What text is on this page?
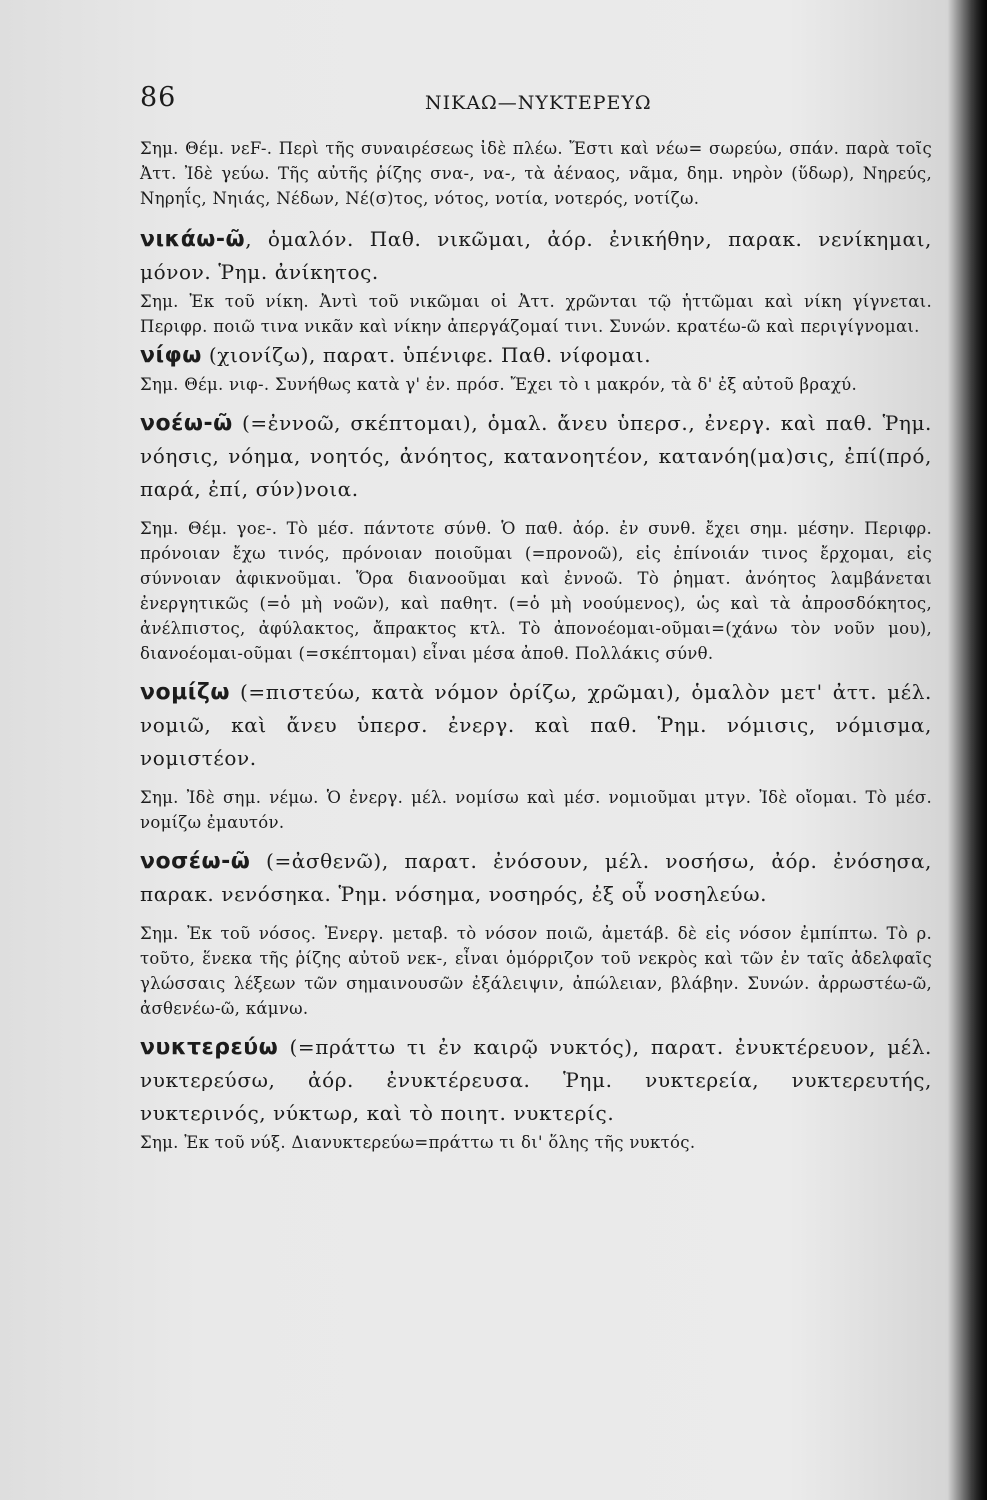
86	ΝΙΚΑΩ—ΝΥΚΤΕΡΕΥΩ

Σημ. Θέμ. νεF-. Περὶ τῆς συναιρέσεως ἰδὲ πλέω. Ἔστι καὶ νέω= σωρεύω, σπάν. παρὰ τοῖς Ἀττ. Ἰδὲ γεύω. Τῆς αὐτῆς ῥίζης σνα-, να-, τὰ ἀέναος, νᾶμα, δημ. νηρὸν (ὕδωρ), Νηρεύς, Νηρηΐς, Νηιάς, Νέδων, Νέ(σ)τος, νότος, νοτία, νοτερός, νοτίζω.

νικάω-ῶ, ὁμαλόν. Παθ. νικῶμαι, ἀόρ. ἐνικήθην, παρακ. νενίκημαι, μόνον. Ῥημ. ἀνίκητος.

Σημ. Ἐκ τοῦ νίκη. Ἀντὶ τοῦ νικῶμαι οἱ Ἀττ. χρῶνται τῷ ἡττῶμαι καὶ νίκη γίγνεται. Περιφρ. ποιῶ τινα νικᾶν καὶ νίκην ἀπεργάζομαί τινι. Συνών. κρατέω-ῶ καὶ περιγίγνομαι.

νίφω (χιονίζω), παρατ. ὑπένιφε. Παθ. νίφομαι.

Σημ. Θέμ. νιφ-. Συνήθως κατὰ γ' ἑν. πρόσ. Ἔχει τὸ ι μακρόν, τὰ δ' ἐξ αὐτοῦ βραχύ.

νοέω-ῶ (=ἐννοῶ, σκέπτομαι), ὁμαλ. ἄνευ ὑπερσ., ἐνεργ. καὶ παθ. Ῥημ. νόησις, νόημα, νοητός, ἀνόητος, κατανοητέον, κατανόη(μα)σις, ἐπί(πρό, παρά, ἐπί, σύν)νοια.

Σημ. Θέμ. γοε-. Τὸ μέσ. πάντοτε σύνθ. Ὁ παθ. ἀόρ. ἐν συνθ. ἔχει σημ. μέσην. Περιφρ. πρόνοιαν ἔχω τινός, πρόνοιαν ποιοῦμαι (=προνοῶ), εἰς ἐπίνοιάν τινος ἔρχομαι, εἰς σύννοιαν ἀφικνοῦμαι. Ὅρα διανοοῦμαι καὶ ἐννοῶ. Τὸ ῥηματ. ἀνόητος λαμβάνεται ἐνεργητικῶς (=ὁ μὴ νοῶν), καὶ παθητ. (=ὁ μὴ νοούμενος), ὡς καὶ τὰ ἀπροσδόκητος, ἀνέλπιστος, ἀφύλακτος, ἄπρακτος κτλ. Τὸ ἀπονοέομαι-οῦμαι=(χάνω τὸν νοῦν μου), διανοέομαι-οῦμαι (=σκέπτομαι) εἶναι μέσα ἀποθ. Πολλάκις σύνθ.

νομίζω (=πιστεύω, κατὰ νόμον ὁρίζω, χρῶμαι), ὁμαλὸν μετ' ἀττ. μέλ. νομιῶ, καὶ ἄνευ ὑπερσ. ἐνεργ. καὶ παθ. Ῥημ. νόμισις, νόμισμα, νομιστέον.

Σημ. Ἰδὲ σημ. νέμω. Ὁ ἐνεργ. μέλ. νομίσω καὶ μέσ. νομιοῦμαι μτγν. Ἰδὲ οἴομαι. Τὸ μέσ. νομίζω ἐμαυτόν.

νοσέω-ῶ (=ἀσθενῶ), παρατ. ἐνόσουν, μέλ. νοσήσω, ἀόρ. ἐνόσησα, παρακ. νενόσηκα. Ῥημ. νόσημα, νοσηρός, ἐξ οὗ νοσηλεύω.

Σημ. Ἐκ τοῦ νόσος. Ἐνεργ. μεταβ. τὸ νόσον ποιῶ, ἀμετάβ. δὲ εἰς νόσον ἐμπίπτω. Τὸ ρ. τοῦτο, ἕνεκα τῆς ῥίζης αὐτοῦ νεκ-, εἶναι ὁμόρριζον τοῦ νεκρὸς καὶ τῶν ἐν ταῖς ἀδελφαῖς γλώσσαις λέξεων τῶν σημαινουσῶν ἐξάλειψιν, ἀπώλειαν, βλάβην. Συνών. ἀρρωστέω-ῶ, ἀσθενέω-ῶ, κάμνω.

νυκτερεύω (=πράττω τι ἐν καιρῷ νυκτός), παρατ. ἐνυκτέρευον, μέλ. νυκτερεύσω, ἀόρ. ἐνυκτέρευσα. Ῥημ. νυκτερεία, νυκτερευτής, νυκτερινός, νύκτωρ, καὶ τὸ ποιητ. νυκτερίς.

Σημ. Ἐκ τοῦ νύξ. Διανυκτερεύω=πράττω τι δι' ὅλης τῆς νυκτός.
